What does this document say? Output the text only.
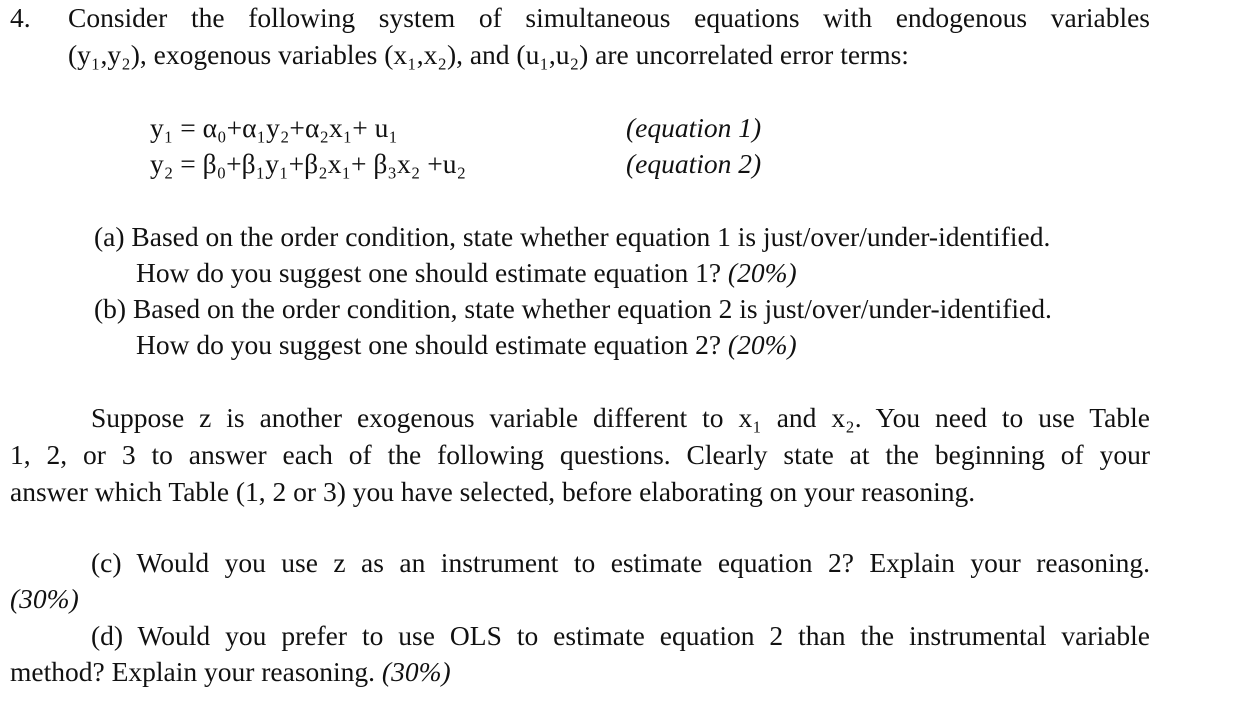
4. Consider the following system of simultaneous equations with endogenous variables
(y₁,y₂), exogenous variables (x₁,x₂), and (u₁,u₂) are uncorrelated error terms:
y₁ = α₀+α₁y₂+α₂x₁+ u₁	(equation 1)
y₂ = β₀+β₁y₁+β₂x₁+ β₃x₂ +u₂	(equation 2)
(a) Based on the order condition, state whether equation 1 is just/over/under-identified.
How do you suggest one should estimate equation 1? (20%)
(b) Based on the order condition, state whether equation 2 is just/over/under-identified.
How do you suggest one should estimate equation 2? (20%)
Suppose z is another exogenous variable different to x₁ and x₂. You need to use Table
1, 2, or 3 to answer each of the following questions. Clearly state at the beginning of your
answer which Table (1, 2 or 3) you have selected, before elaborating on your reasoning.
(c) Would you use z as an instrument to estimate equation 2? Explain your reasoning.
(30%)
(d) Would you prefer to use OLS to estimate equation 2 than the instrumental variable
method? Explain your reasoning. (30%)
